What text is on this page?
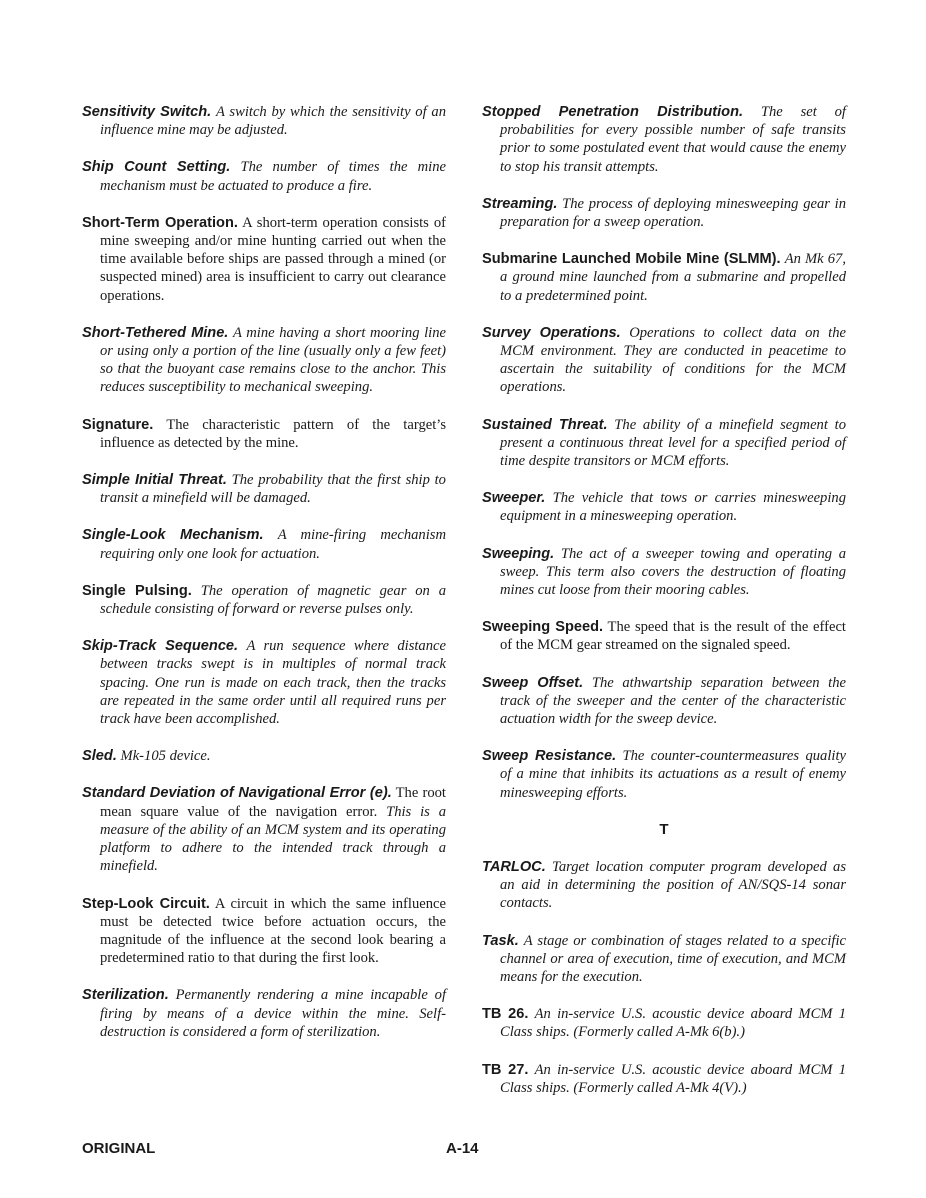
Sensitivity Switch. A switch by which the sensitivity of an influence mine may be adjusted.

Ship Count Setting. The number of times the mine mechanism must be actuated to produce a fire.

Short-Term Operation. A short-term operation consists of mine sweeping and/or mine hunting carried out when the time available before ships are passed through a mined (or suspected mined) area is insufficient to carry out clearance operations.

Short-Tethered Mine. A mine having a short mooring line or using only a portion of the line (usually only a few feet) so that the buoyant case remains close to the anchor. This reduces susceptibility to mechanical sweeping.

Signature. The characteristic pattern of the target’s influence as detected by the mine.

Simple Initial Threat. The probability that the first ship to transit a minefield will be damaged.

Single-Look Mechanism. A mine-firing mechanism requiring only one look for actuation.

Single Pulsing. The operation of magnetic gear on a schedule consisting of forward or reverse pulses only.

Skip-Track Sequence. A run sequence where distance between tracks swept is in multiples of normal track spacing. One run is made on each track, then the tracks are repeated in the same order until all required runs per track have been accomplished.

Sled. Mk-105 device.

Standard Deviation of Navigational Error (e). The root mean square value of the navigation error. This is a measure of the ability of an MCM system and its operating platform to adhere to the intended track through a minefield.

Step-Look Circuit. A circuit in which the same influence must be detected twice before actuation occurs, the magnitude of the influence at the second look bearing a predetermined ratio to that during the first look.

Sterilization. Permanently rendering a mine incapable of firing by means of a device within the mine. Self-destruction is considered a form of sterilization.

Stopped Penetration Distribution. The set of probabilities for every possible number of safe transits prior to some postulated event that would cause the enemy to stop his transit attempts.

Streaming. The process of deploying minesweeping gear in preparation for a sweep operation.

Submarine Launched Mobile Mine (SLMM). An Mk 67, a ground mine launched from a submarine and propelled to a predetermined point.

Survey Operations. Operations to collect data on the MCM environment. They are conducted in peacetime to ascertain the suitability of conditions for the MCM operations.

Sustained Threat. The ability of a minefield segment to present a continuous threat level for a specified period of time despite transitors or MCM efforts.

Sweeper. The vehicle that tows or carries minesweeping equipment in a minesweeping operation.

Sweeping. The act of a sweeper towing and operating a sweep. This term also covers the destruction of floating mines cut loose from their mooring cables.

Sweeping Speed. The speed that is the result of the effect of the MCM gear streamed on the signaled speed.

Sweep Offset. The athwartship separation between the track of the sweeper and the center of the characteristic actuation width for the sweep device.

Sweep Resistance. The counter-countermeasures quality of a mine that inhibits its actuations as a result of enemy minesweeping efforts.

T

TARLOC. Target location computer program developed as an aid in determining the position of AN/SQS-14 sonar contacts.

Task. A stage or combination of stages related to a specific channel or area of execution, time of execution, and MCM means for the execution.

TB 26. An in-service U.S. acoustic device aboard MCM 1 Class ships. (Formerly called A-Mk 6(b).)

TB 27. An in-service U.S. acoustic device aboard MCM 1 Class ships. (Formerly called A-Mk 4(V).)

ORIGINAL	A-14
